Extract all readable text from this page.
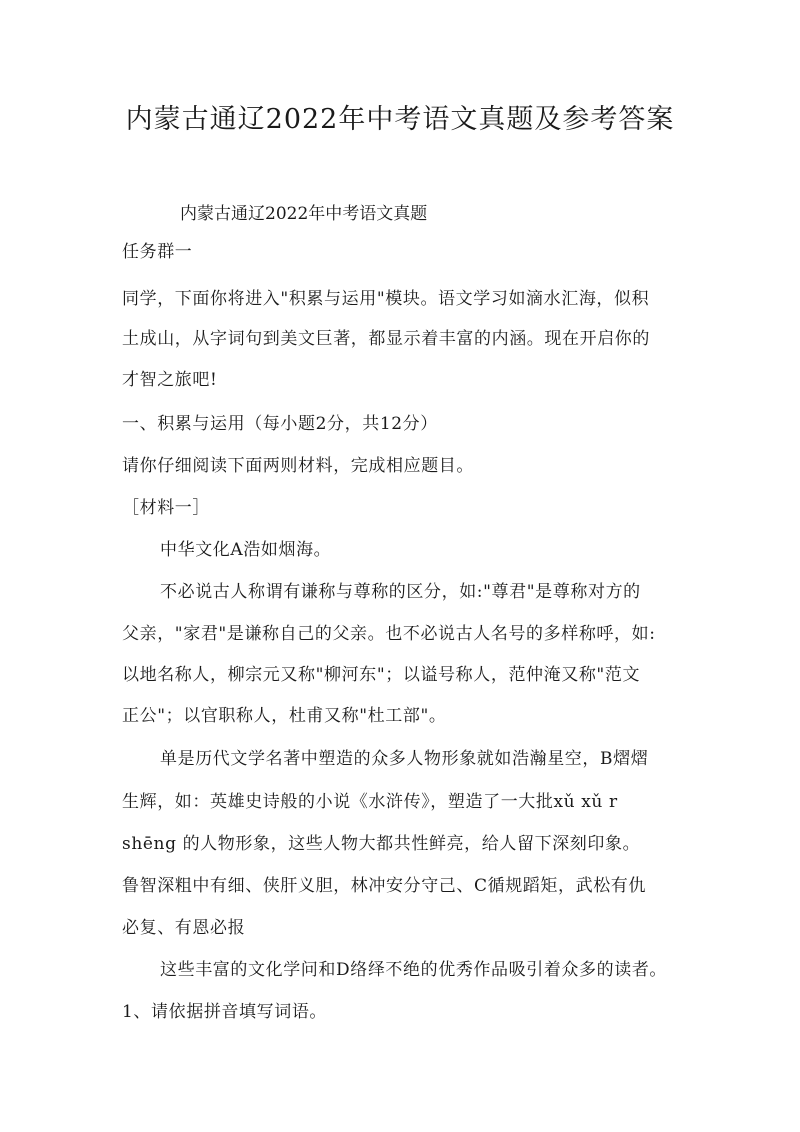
内蒙古通辽2022年中考语文真题及参考答案
内蒙古通辽2022年中考语文真题
任务群一
同学，下面你将进入"积累与运用"模块。语文学习如滴水汇海，似积
土成山，从字词句到美文巨著，都显示着丰富的内涵。现在开启你的
才智之旅吧!
一、积累与运用（每小题2分，共12分）
请你仔细阅读下面两则材料，完成相应题目。
［材料一］
中华文化A浩如烟海。
不必说古人称谓有谦称与尊称的区分，如:"尊君"是尊称对方的
父亲，"家君"是谦称自己的父亲。也不必说古人名号的多样称呼，如:
以地名称人，柳宗元又称"柳河东"；以谥号称人，范仲淹又称"范文
正公"；以官职称人，杜甫又称"杜工部"。
单是历代文学名著中塑造的众多人物形象就如浩瀚星空，B熠熠
生辉，如：英雄史诗般的小说《水浒传》，塑造了一大批xǔ xǔ r
shēng 的人物形象，这些人物大都共性鲜亮，给人留下深刻印象。
鲁智深粗中有细、侠肝义胆，林冲安分守己、C循规蹈矩，武松有仇
必复、有恩必报
这些丰富的文化学问和D络绎不绝的优秀作品吸引着众多的读者。
1、请依据拼音填写词语。
